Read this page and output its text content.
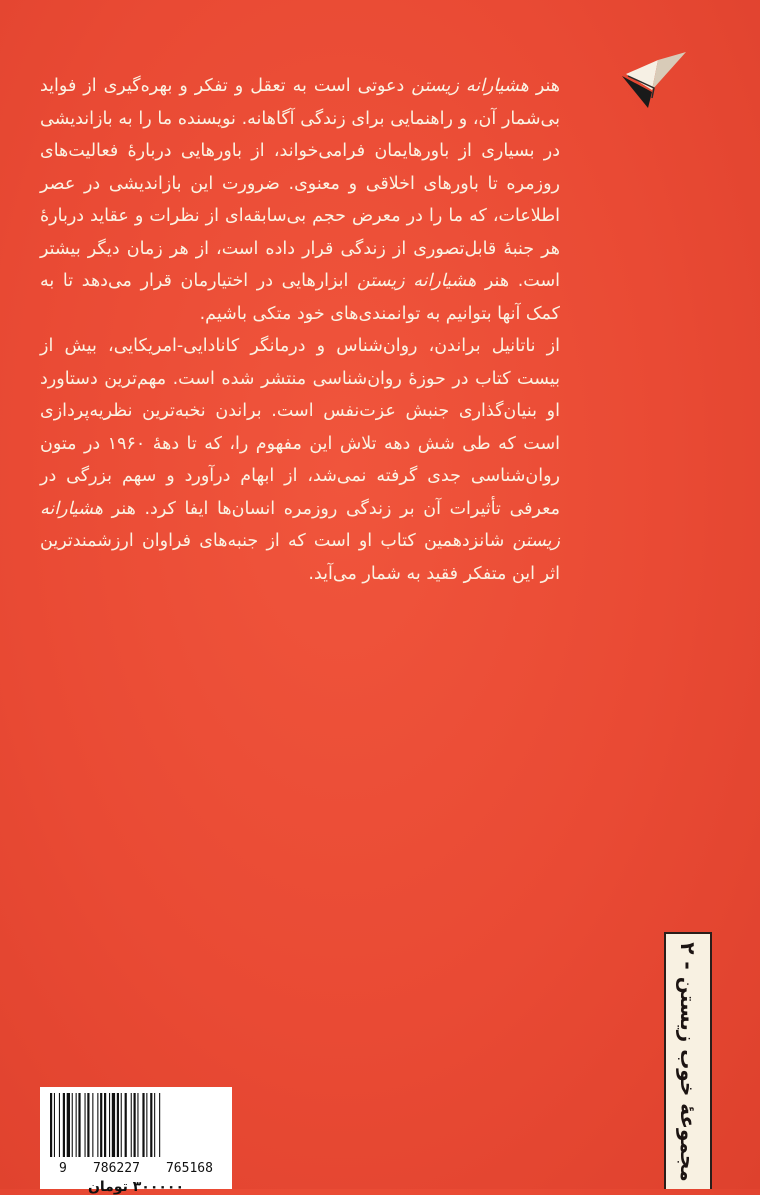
هنر هشیارانه زیستن دعوتی است به تعقل و تفکر و بهره‌گیری از فواید بی‌شمار آن، و راهنمایی برای زندگی آگاهانه. نویسنده ما را به بازاندیشی در بسیاری از باورهایمان فرامی‌خواند، از باورهایی دربارهٔ فعالیت‌های روزمره تا باورهای اخلاقی و معنوی. ضرورت این بازاندیشی در عصر اطلاعات، که ما را در معرض حجم بی‌سابقه‌ای از نظرات و عقاید دربارهٔ هر جنبهٔ قابل‌تصوری از زندگی قرار داده است، از هر زمان دیگر بیشتر است. هنر هشیارانه زیستن ابزارهایی در اختیارمان قرار می‌دهد تا به کمک آنها بتوانیم به توانمندی‌های خود متکی باشیم.

از ناتانیل براندن، روان‌شناس و درمانگر کانادایی-امریکایی، بیش از بیست کتاب در حوزهٔ روان‌شناسی منتشر شده است. مهم‌ترین دستاورد او بنیان‌گذاری جنبش عزت‌نفس است. براندن نخبه‌ترین نظریه‌پردازی است که طی شش دهه تلاش این مفهوم را، که تا دههٔ ۱۹۶۰ در متون روان‌شناسی جدی گرفته نمی‌شد، از ابهام درآورد و سهم بزرگی در معرفی تأثیرات آن بر زندگی روزمره انسان‌ها ایفا کرد. هنر هشیارانه زیستن شانزدهمین کتاب او است که از جنبه‌های فراوان ارزشمندترین اثر این متفکر فقید به شمار می‌آید.

مجموعهٔ خوب زیستن - ۲
9 786227 765168
۳۰۰۰۰۰ تومان
